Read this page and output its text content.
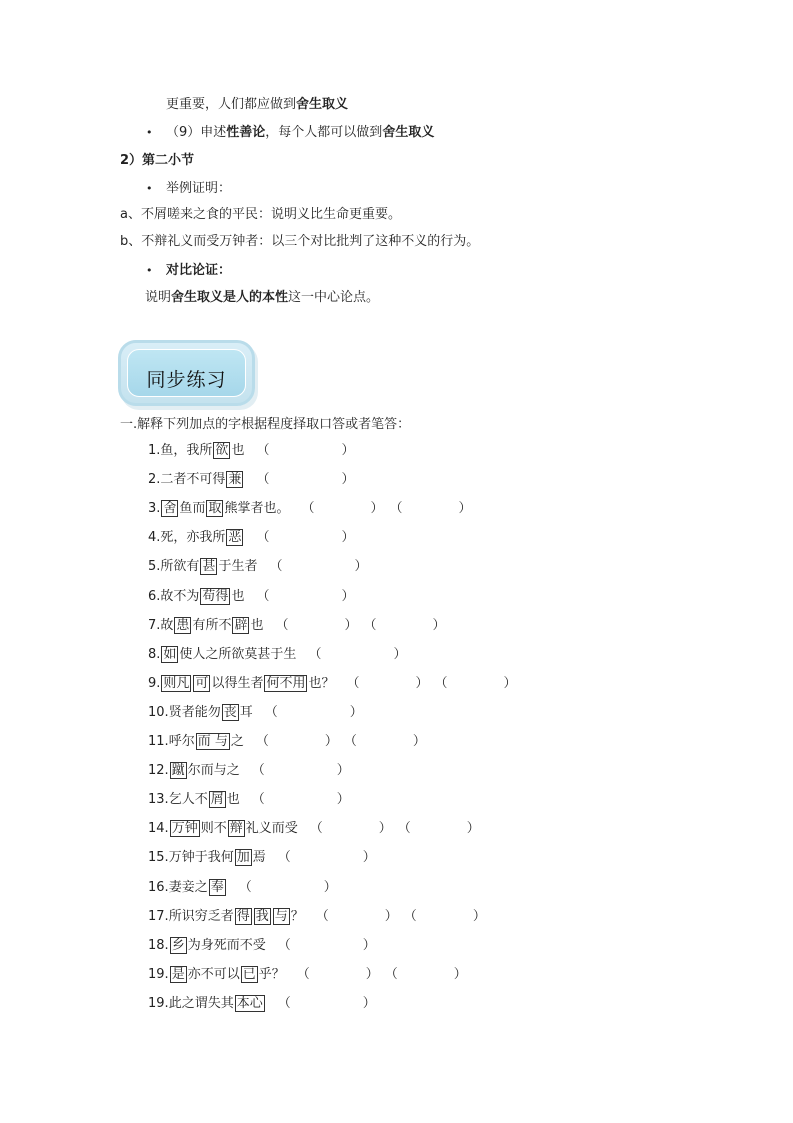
更重要，人们都应做到舍生取义
• （9）申述性善论，每个人都可以做到舍生取义
2）第二小节
• 举例证明：
a、不屑嗟来之食的平民：说明义比生命更重要。
b、不辩礼义而受万钟者：以三个对比批判了这种不义的行为。
• 对比论证：
说明舍生取义是人的本性这一中心论点。
同步练习
一.解释下列加点的字根据程度择取口答或者笔答：
1.鱼，我所 欲 也 （	）
2.二者不可得 兼 （	）
3. 舍 鱼而 取 熊掌者也。 （	） （	）
4.死，亦我所 恶 （	）
5.所欲有 甚 于生者 （	）
6.故不为 苟得 也 （	）
7.故 患 有所不 辟 也 （	） （	）
8. 如 使人之所欲莫甚于生 （	）
9. 则凡 可 以得生者 何不用 也？ （	） （	）
10.贤者能勿 丧 耳 （	）
11.呼尔 而 与 之 （	） （	）
12. 蹴 尔而与之 （	）
13.乞人不 屑 也 （	）
14. 万钟 则不 辩 礼义而受 （	） （	）
15.万钟于我何 加 焉 （	）
16.妻妾之 奉 （	）
17.所识穷乏者 得 我 与 ？ （	） （	）
18. 乡 为身死而不受 （	）
19. 是 亦不可以 已 乎？ （	） （	）
19.此之谓失其 本心 （	）
